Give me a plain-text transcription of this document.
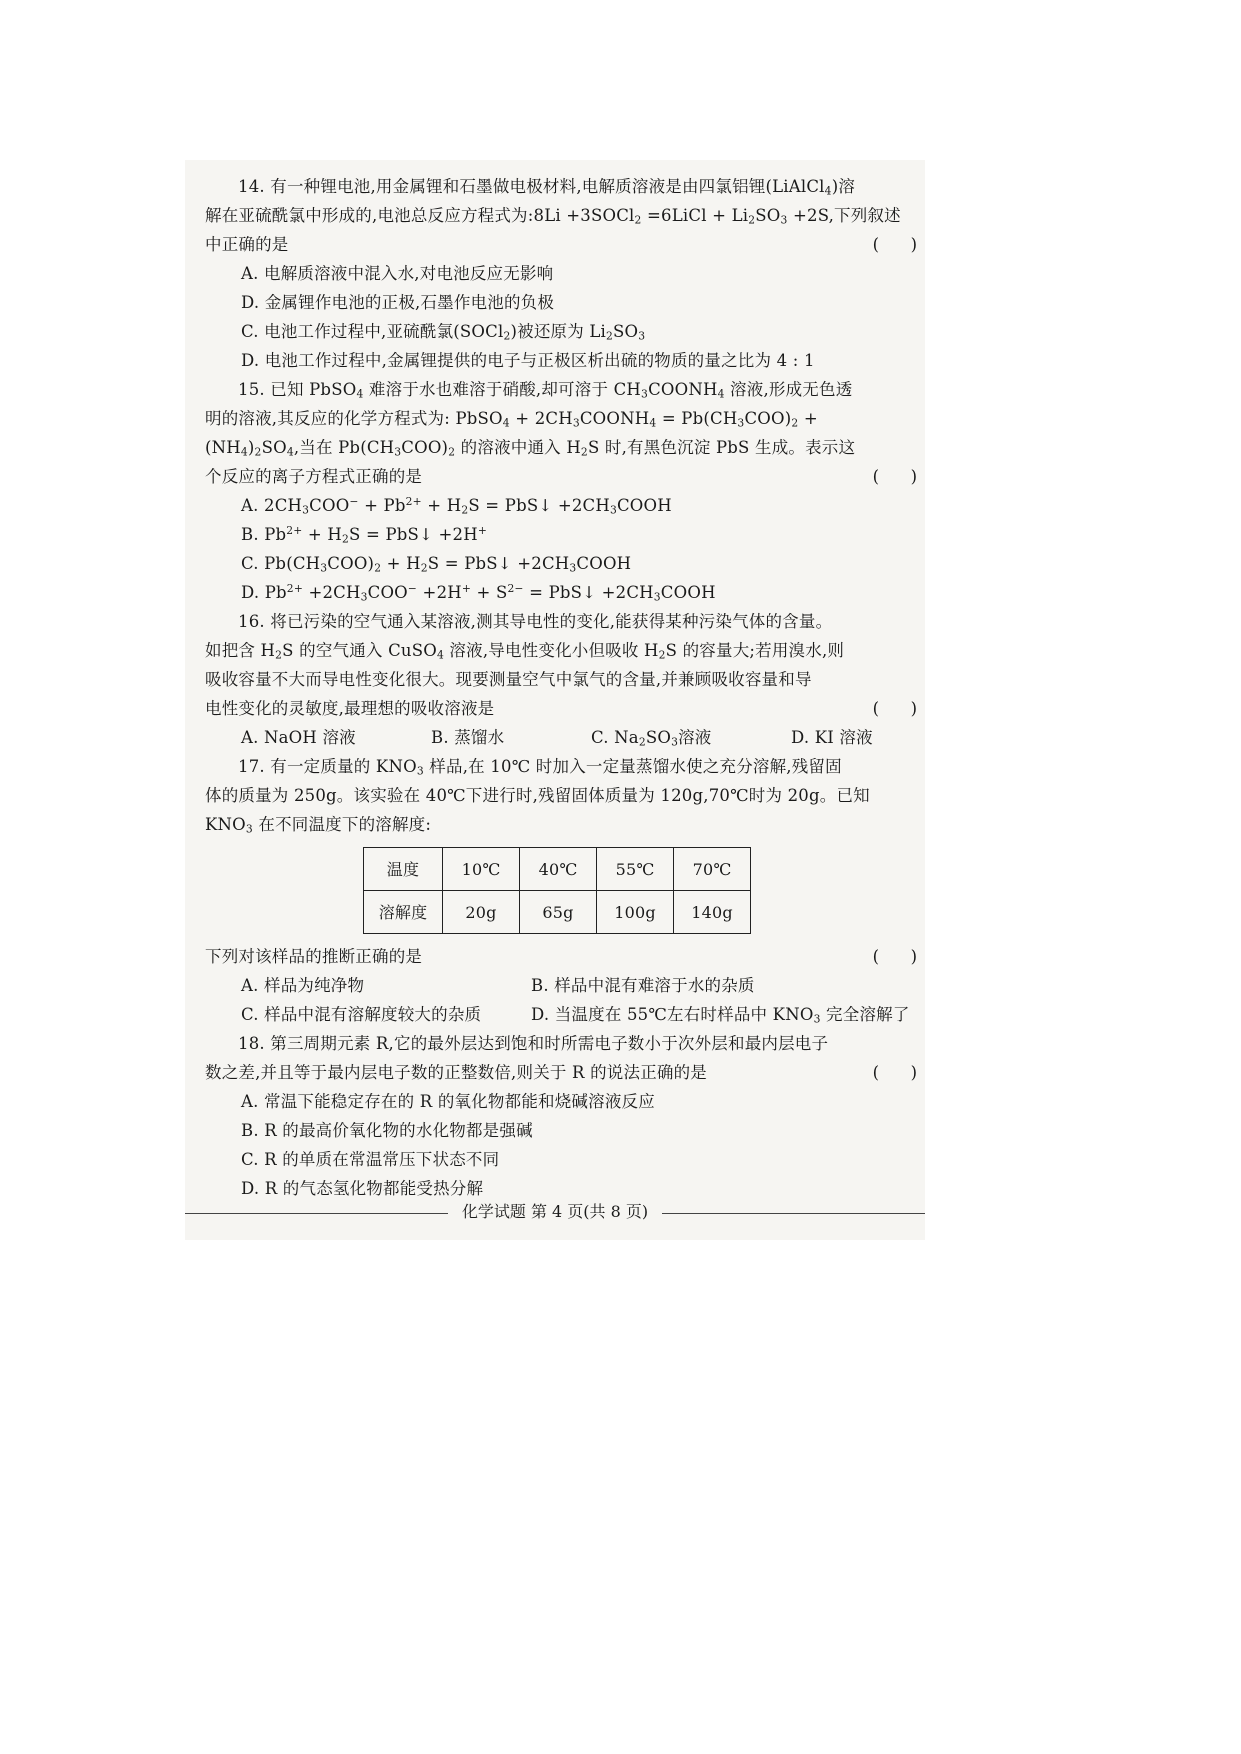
14. 有一种锂电池,用金属锂和石墨做电极材料,电解质溶液是由四氯铝锂(LiAlCl$_4$)溶

解在亚硫酰氯中形成的,电池总反应方程式为:8Li +3SOCl$_2$ =6LiCl + $Li_2SO_3 +2S$,下列叙述

中正确的是	(      )

A. 电解质溶液中混入水,对电池反应无影响

D. 金属锂作电池的正极,石墨作电池的负极

C. 电池工作过程中,亚硫酰氯(SOCl$_2$)被还原为 $Li_2SO_3$

D. 电池工作过程中,金属锂提供的电子与正极区析出硫的物质的量之比为 4 : 1

15. 已知 PbSO$_4$ 难溶于水也难溶于硝酸,却可溶于 $CH_3COONH_4$ 溶液,形成无色透

明的溶液,其反应的化学方程式为: PbSO$_4$ + $2CH_3COONH_4 = Pb(CH_3COO)_2$ +

$(NH_4)_2SO_4$,当在 $Pb(CH_3COO)_2$ 的溶液中通入 $H_2S$ 时,有黑色沉淀 PbS 生成。表示这

个反应的离子方程式正确的是	(      )

A. $2CH_3COO^- + Pb^{2+} + H_2S$ = PbS↓ $+2CH_3COOH$

B. $Pb^{2+} + H_2S$ = PbS↓ +2H+

C. $Pb(CH_3COO)_2 + H_2S$ = PbS↓ $+2CH_3COOH$

D. $Pb^{2+} +2CH_3COO^- +2H^+ + S^{2-}$ = PbS↓ $+2CH_3COOH$

16. 将已污染的空气通入某溶液,测其导电性的变化,能获得某种污染气体的含量。

如把含 $H_2S$ 的空气通入 CuSO$_4$ 溶液,导电性变化小但吸收 $H_2S$ 的容量大;若用溴水,则

吸收容量不大而导电性变化很大。现要测量空气中氯气的含量,并兼顾吸收容量和导

电性变化的灵敏度,最理想的吸收溶液是	(      )

A. NaOH 溶液	B. 蒸馏水	C. $Na_2SO_3$溶液	D. KI 溶液

17. 有一定质量的 $KNO_3$ 样品,在 10℃ 时加入一定量蒸馏水使之充分溶解,残留固

体的质量为 250g。该实验在 40℃下进行时,残留固体质量为 120g,70℃时为 20g。已知

$KNO_3$ 在不同温度下的溶解度:

温度	10℃	40℃	55℃	70℃
溶解度	20g	65g	100g	140g

下列对该样品的推断正确的是	(      )

A. 样品为纯净物	B. 样品中混有难溶于水的杂质
C. 样品中混有溶解度较大的杂质	D. 当温度在 55℃左右时样品中 $KNO_3$ 完全溶解了

18. 第三周期元素 R,它的最外层达到饱和时所需电子数小于次外层和最内层电子

数之差,并且等于最内层电子数的正整数倍,则关于 R 的说法正确的是	(      )

A. 常温下能稳定存在的 R 的氧化物都能和烧碱溶液反应

B. R 的最高价氧化物的水化物都是强碱

C. R 的单质在常温常压下状态不同

D. R 的气态氢化物都能受热分解

化学试题 第 4 页(共 8 页)
